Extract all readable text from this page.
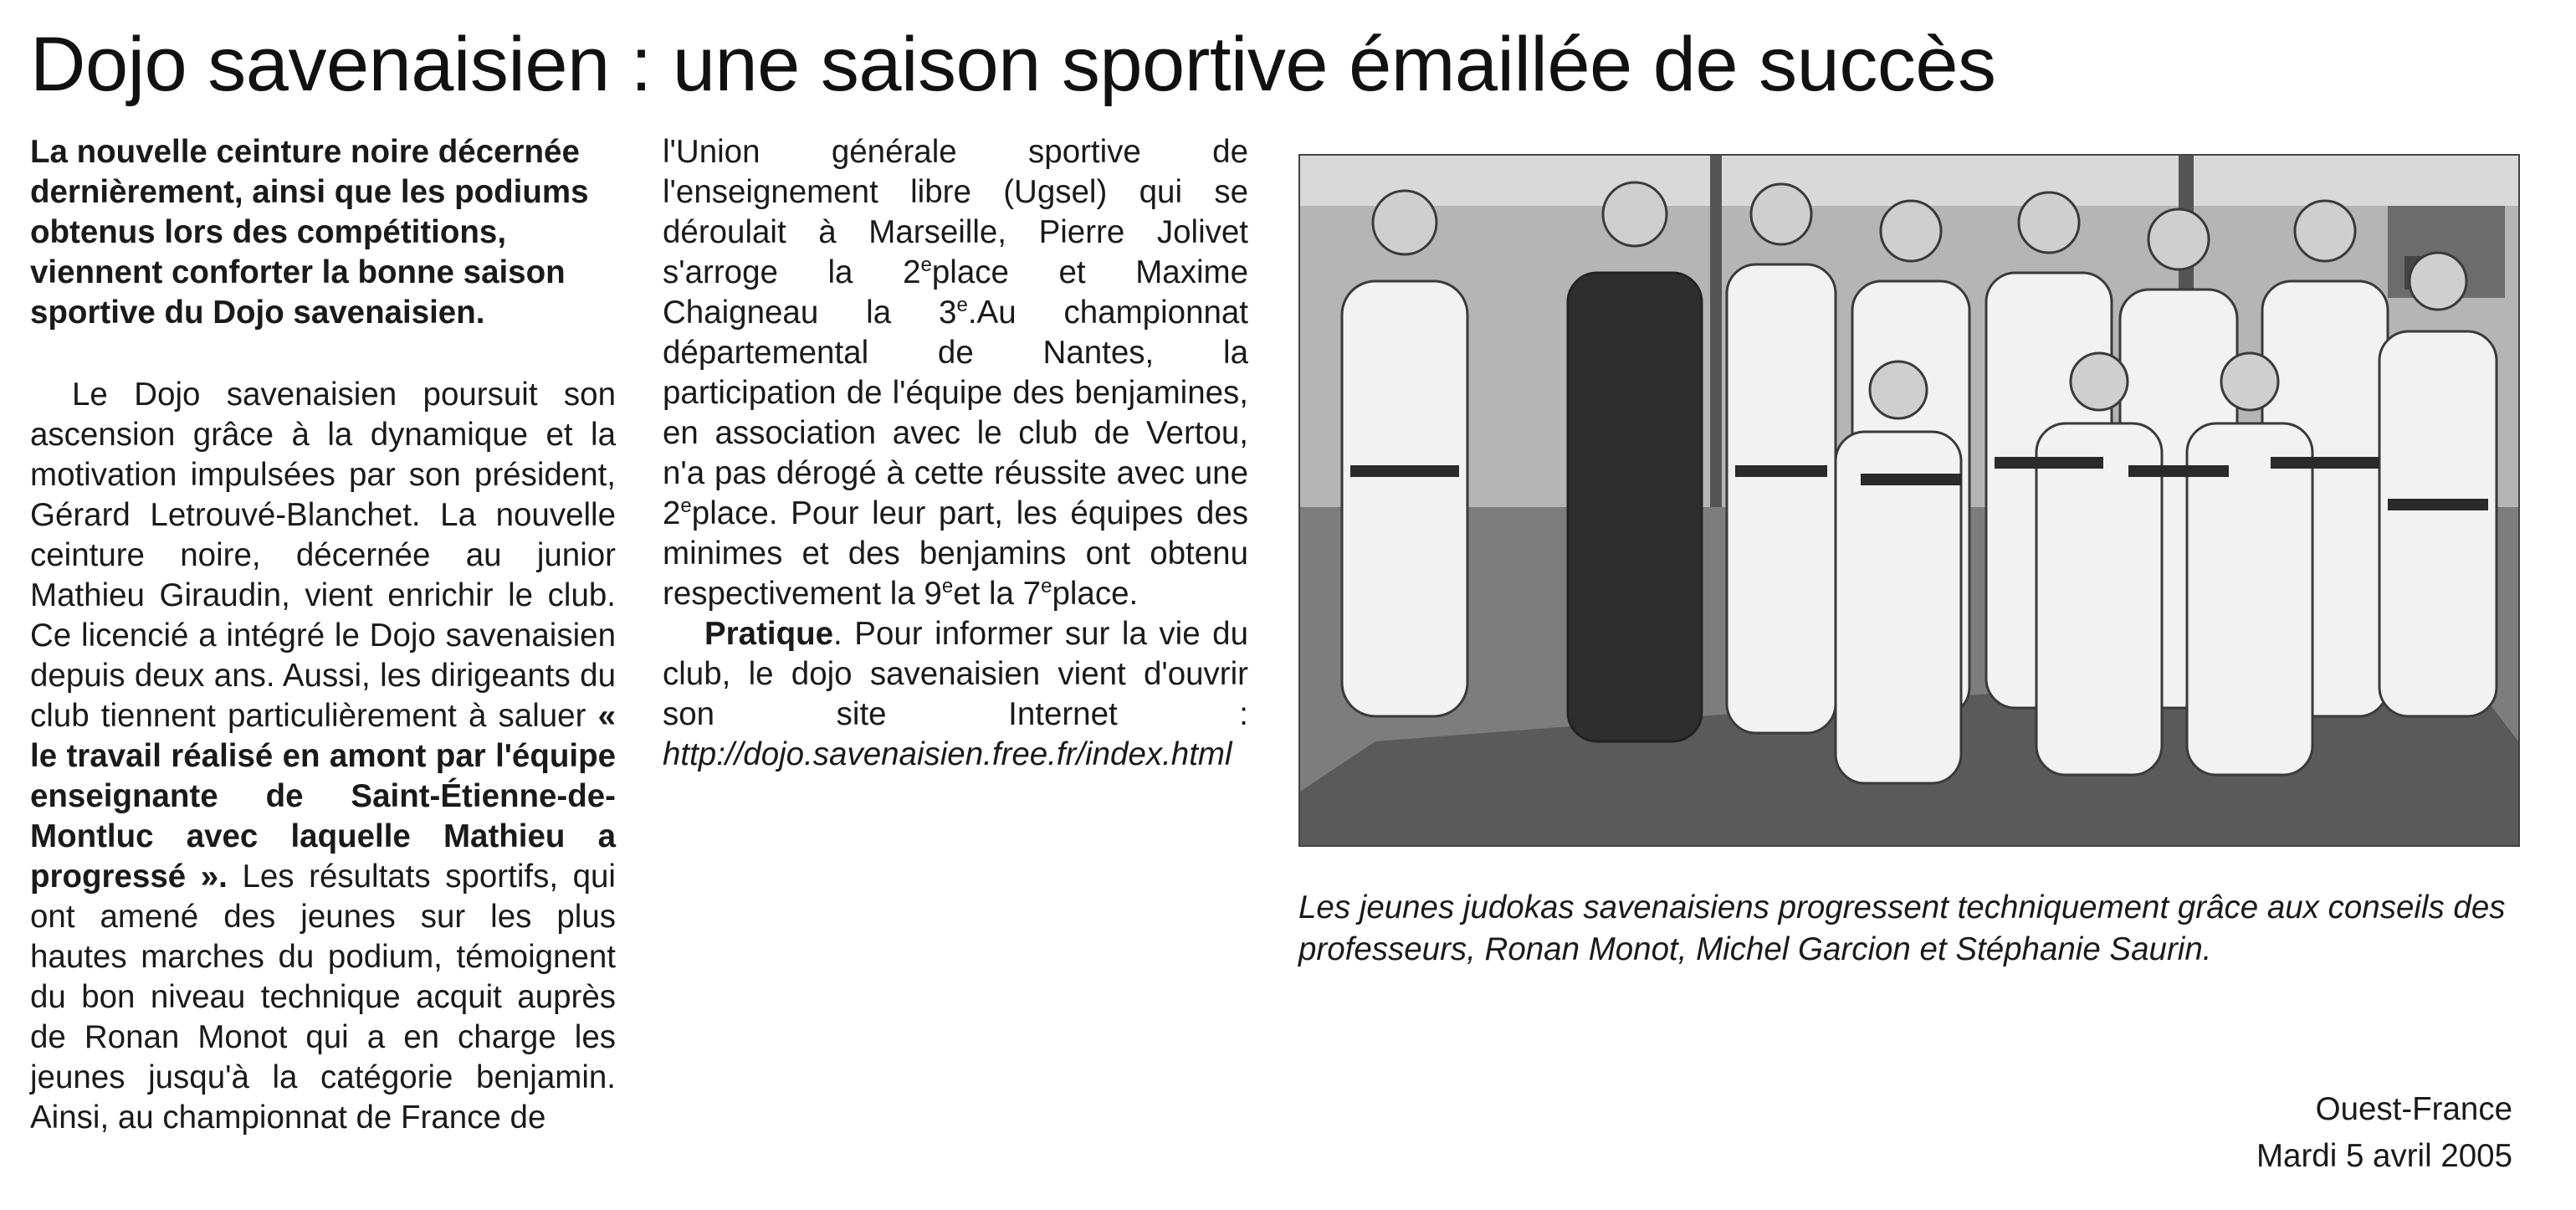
Dojo savenaisien : une saison sportive émaillée de succès

La nouvelle ceinture noire décernée dernièrement, ainsi que les podiums obtenus lors des compétitions, viennent conforter la bonne saison sportive du Dojo savenaisien.

Le Dojo savenaisien poursuit son ascension grâce à la dynamique et la motivation impulsées par son président, Gérard Letrouvé-Blanchet. La nouvelle ceinture noire, décernée au junior Mathieu Giraudin, vient enrichir le club. Ce licencié a intégré le Dojo savenaisien depuis deux ans. Aussi, les dirigeants du club tiennent particulièrement à saluer « le travail réalisé en amont par l'équipe enseignante de Saint-Étienne-de-Montluc avec laquelle Mathieu a progressé ». Les résultats sportifs, qui ont amené des jeunes sur les plus hautes marches du podium, témoignent du bon niveau technique acquit auprès de Ronan Monot qui a en charge les jeunes jusqu'à la catégorie benjamin. Ainsi, au championnat de France de

Les jeunes judokas savenaisiens progressent techniquement grâce aux conseils des professeurs, Ronan Monot, Michel Garcion et Stéphanie Saurin.

Ouest-France
Mardi 5 avril 2005

l'Union générale sportive de l'enseignement libre (Ugsel) qui se déroulait à Marseille, Pierre Jolivet s'arroge la 2eplace et Maxime Chaigneau la 3e.Au championnat départemental de Nantes, la participation de l'équipe des benjamines, en association avec le club de Vertou, n'a pas dérogé à cette réussite avec une 2eplace. Pour leur part, les équipes des minimes et des benjamins ont obtenu respectivement la 9eet la 7eplace.

Pratique. Pour informer sur la vie du club, le dojo savenaisien vient d'ouvrir son site Internet : http://dojo.savenaisien.free.fr/index.html
